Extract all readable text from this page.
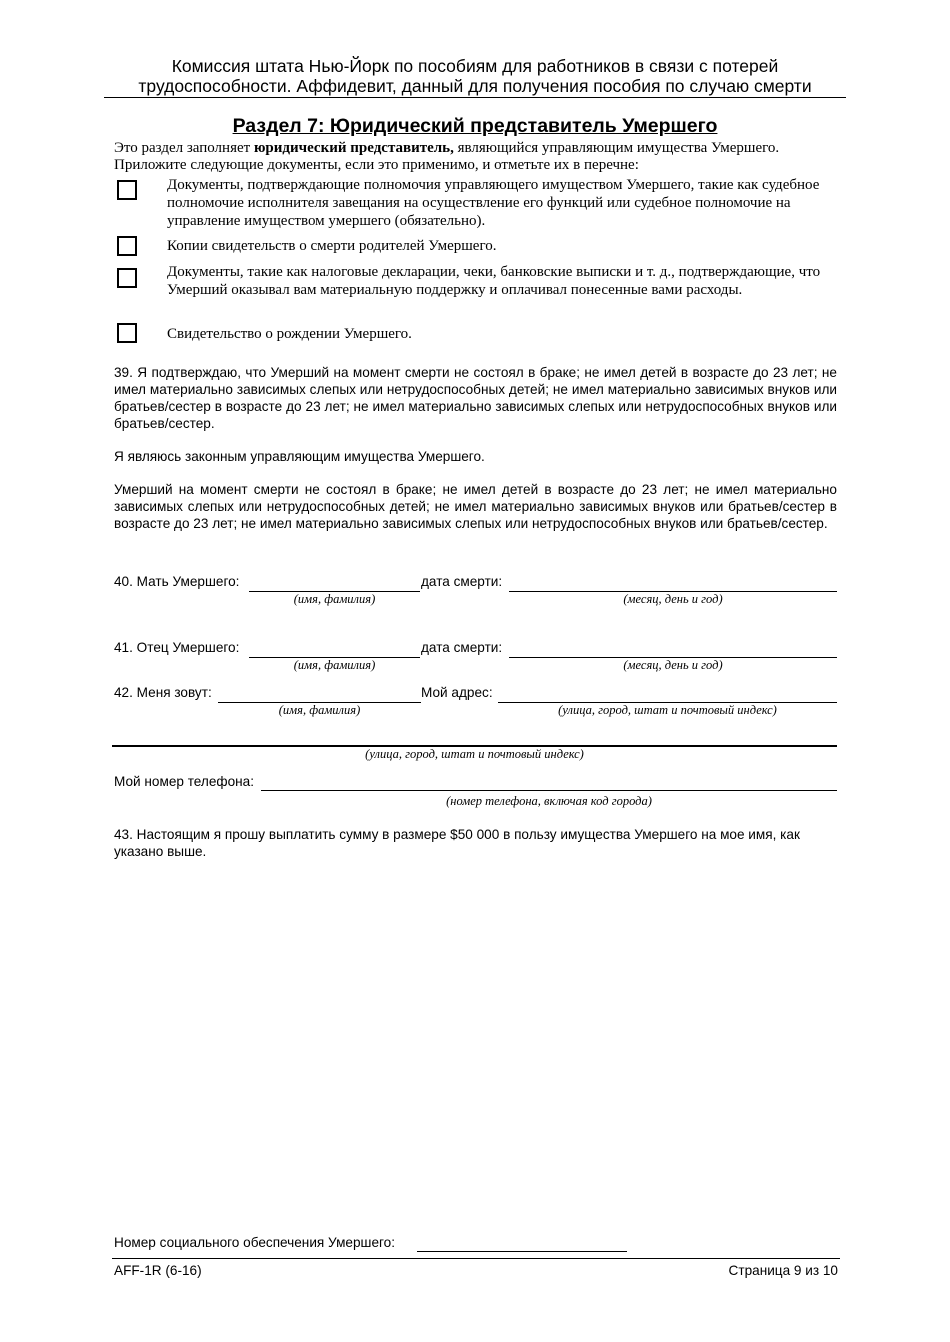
Комиссия штата Нью-Йорк по пособиям для работников в связи с потерей
трудоспособности. Аффидевит, данный для получения пособия по случаю смерти
Раздел 7: Юридический представитель Умершего
Это раздел заполняет юридический представитель, являющийся управляющим имущества Умершего.
Приложите следующие документы, если это применимо, и отметьте их в перечне:
Документы, подтверждающие полномочия управляющего имуществом Умершего, такие как судебное полномочие исполнителя завещания на осуществление его функций или судебное полномочие на управление имуществом умершего (обязательно).
Копии свидетельств о смерти родителей Умершего.
Документы, такие как налоговые декларации, чеки, банковские выписки и т. д., подтверждающие, что Умерший оказывал вам материальную поддержку и оплачивал понесенные вами расходы.
Свидетельство о рождении Умершего.
39. Я подтверждаю, что Умерший на момент смерти не состоял в браке; не имел детей в возрасте до 23 лет; не имел материально зависимых слепых или нетрудоспособных детей; не имел материально зависимых внуков или братьев/сестер в возрасте до 23 лет; не имел материально зависимых слепых или нетрудоспособных внуков или братьев/сестер.
Я являюсь законным управляющим имущества Умершего.
Умерший на момент смерти не состоял в браке; не имел детей в возрасте до 23 лет; не имел материально зависимых слепых или нетрудоспособных детей; не имел материально зависимых внуков или братьев/сестер в возрасте до 23 лет; не имел материально зависимых слепых или нетрудоспособных внуков или братьев/сестер.
40. Мать Умершего:	дата смерти:
(имя, фамилия)	(месяц, день и год)
41. Отец Умершего:	дата смерти:
(имя, фамилия)	(месяц, день и год)
42. Меня зовут:	Мой адрес:
(имя, фамилия)	(улица, город, штат и почтовый индекс)
(улица, город, штат и почтовый индекс)
Мой номер телефона:
(номер телефона, включая код города)
43. Настоящим я прошу выплатить сумму в размере $50 000 в пользу имущества Умершего на мое имя, как указано выше.
Номер социального обеспечения Умершего:
AFF-1R (6-16)	Страница 9 из 10
